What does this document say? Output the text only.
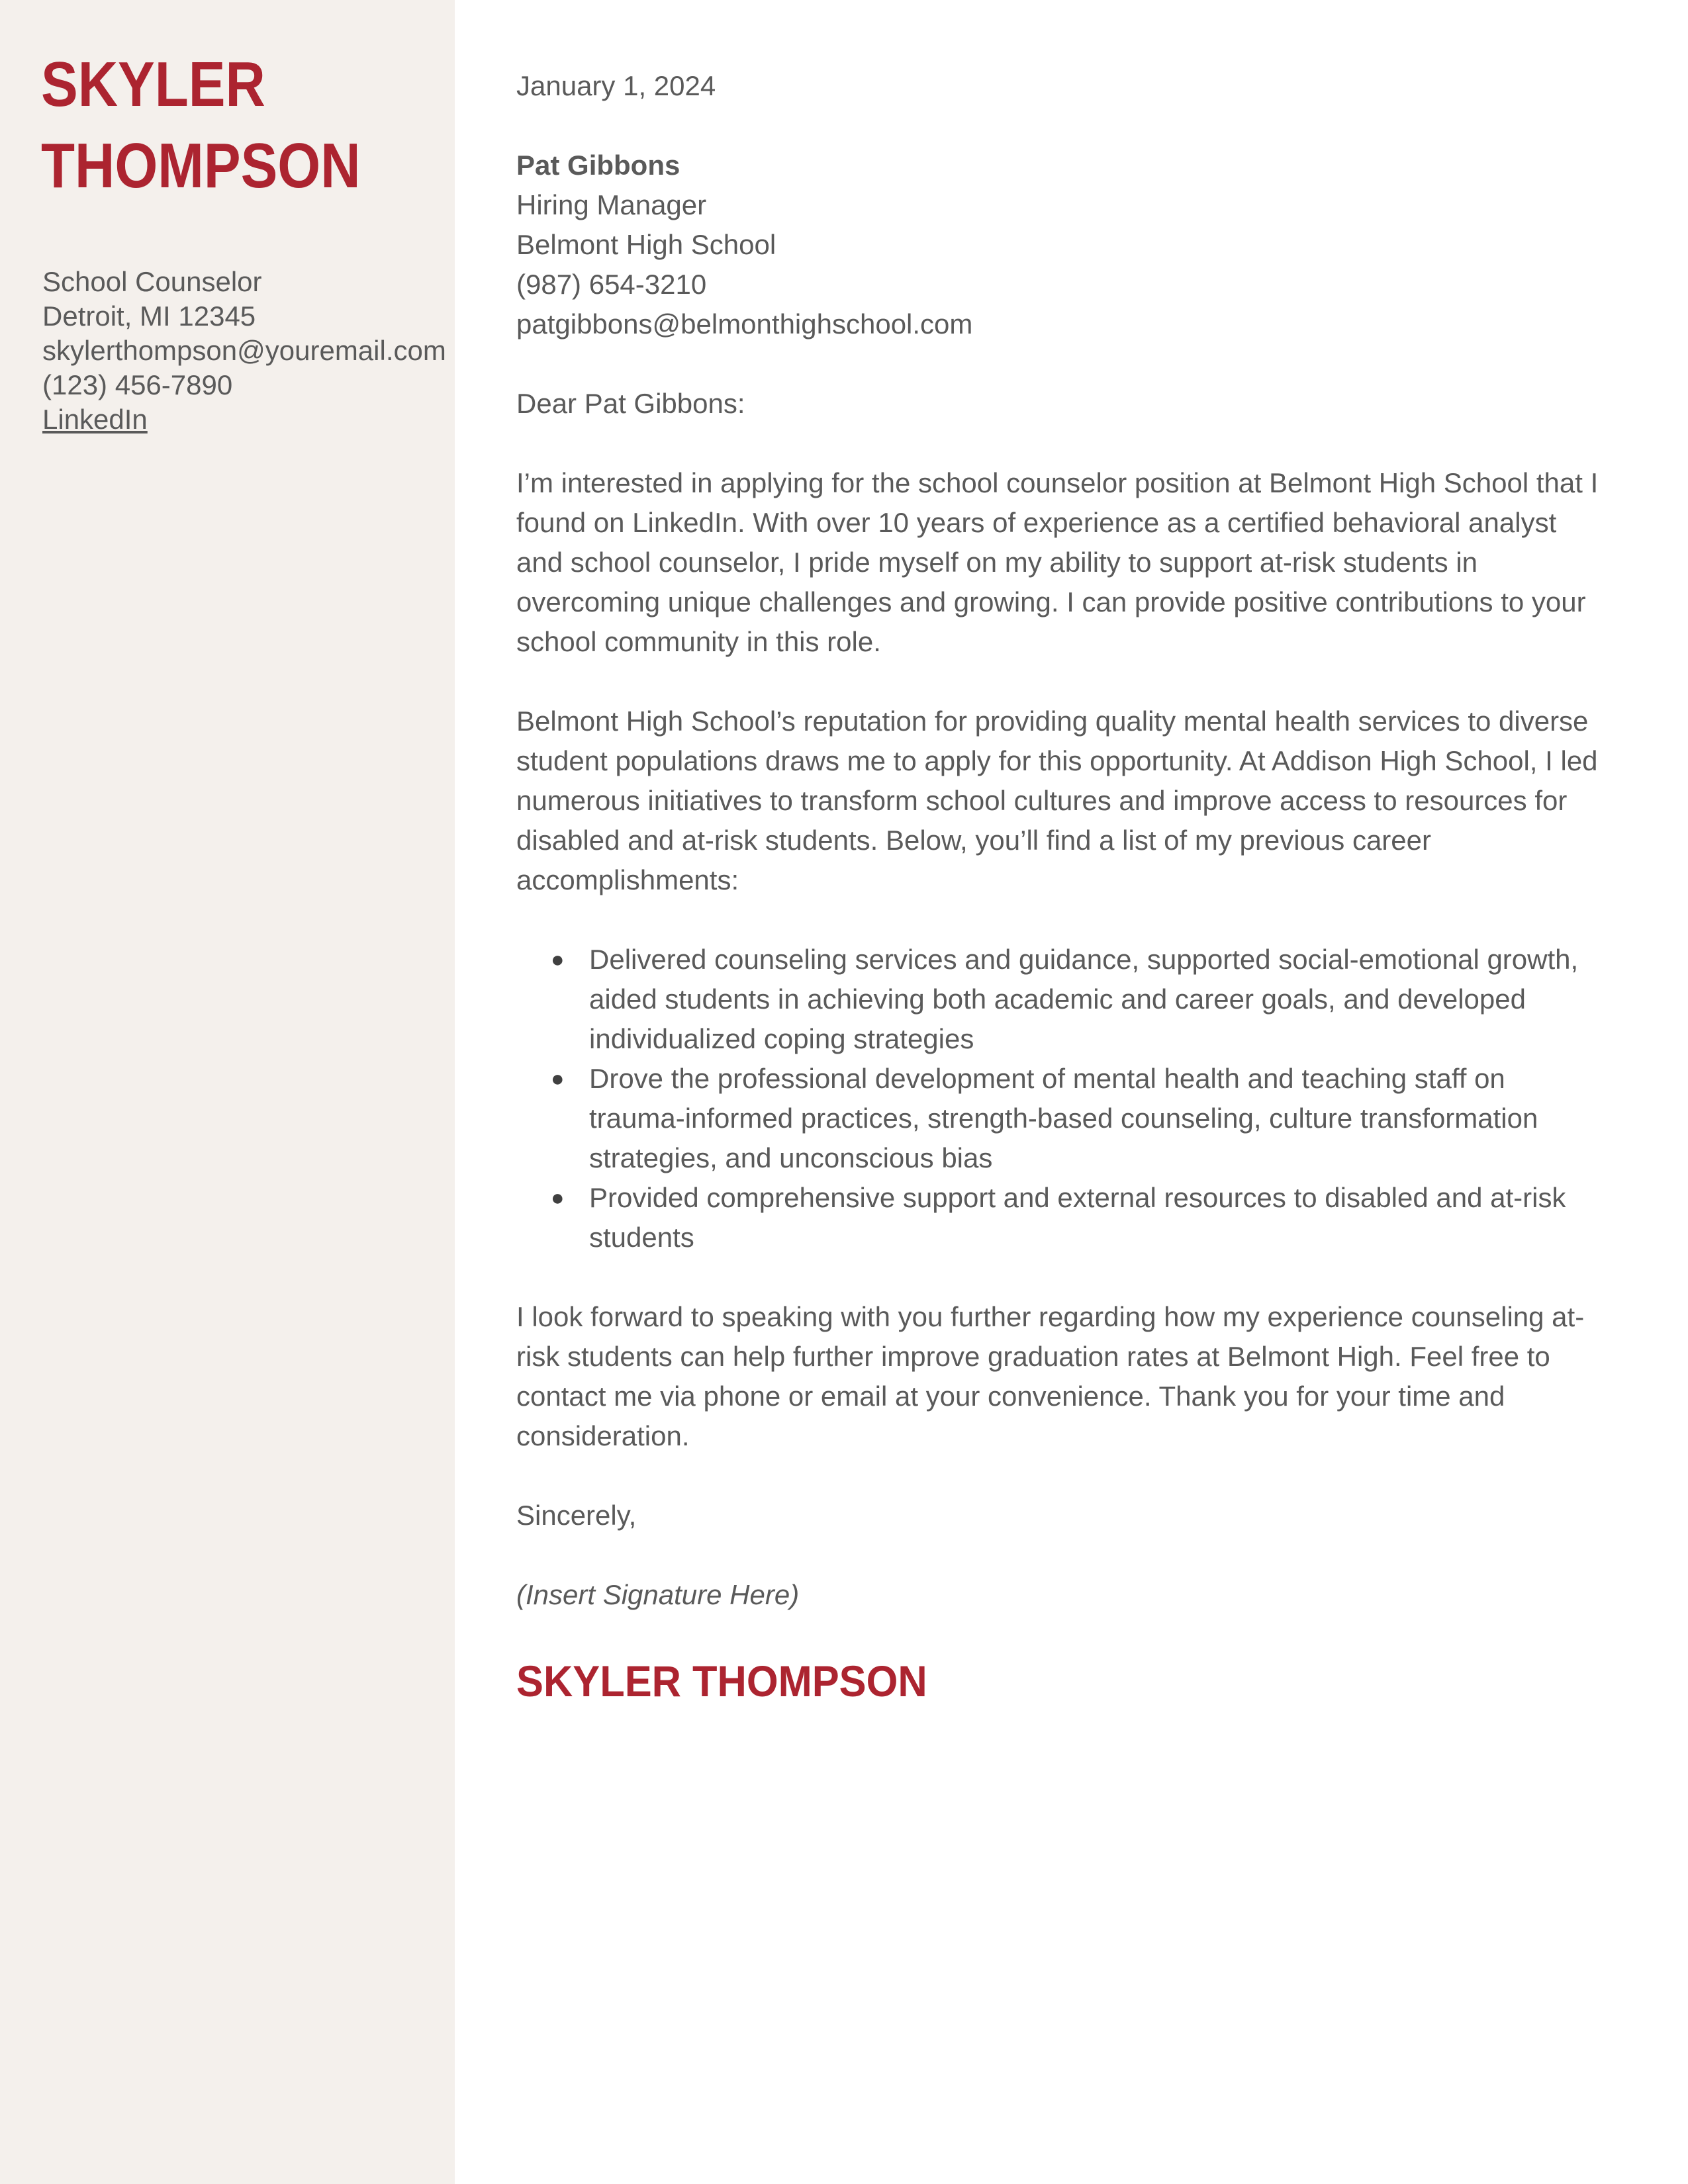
SKYLER
THOMPSON
School Counselor
Detroit, MI 12345
skylerthompson@youremail.com
(123) 456-7890
LinkedIn
January 1, 2024
Pat Gibbons
Hiring Manager
Belmont High School
(987) 654-3210
patgibbons@belmonthighschool.com
Dear Pat Gibbons:

I’m interested in applying for the school counselor position at Belmont High School that I found on LinkedIn. With over 10 years of experience as a certified behavioral analyst and school counselor, I pride myself on my ability to support at-risk students in overcoming unique challenges and growing. I can provide positive contributions to your school community in this role.

Belmont High School’s reputation for providing quality mental health services to diverse student populations draws me to apply for this opportunity. At Addison High School, I led numerous initiatives to transform school cultures and improve access to resources for disabled and at-risk students. Below, you’ll find a list of my previous career accomplishments:

● Delivered counseling services and guidance, supported social-emotional growth, aided students in achieving both academic and career goals, and developed individualized coping strategies
● Drove the professional development of mental health and teaching staff on trauma-informed practices, strength-based counseling, culture transformation strategies, and unconscious bias
● Provided comprehensive support and external resources to disabled and at-risk students

I look forward to speaking with you further regarding how my experience counseling at-risk students can help further improve graduation rates at Belmont High. Feel free to contact me via phone or email at your convenience. Thank you for your time and consideration.

Sincerely,
(Insert Signature Here)
SKYLER THOMPSON
